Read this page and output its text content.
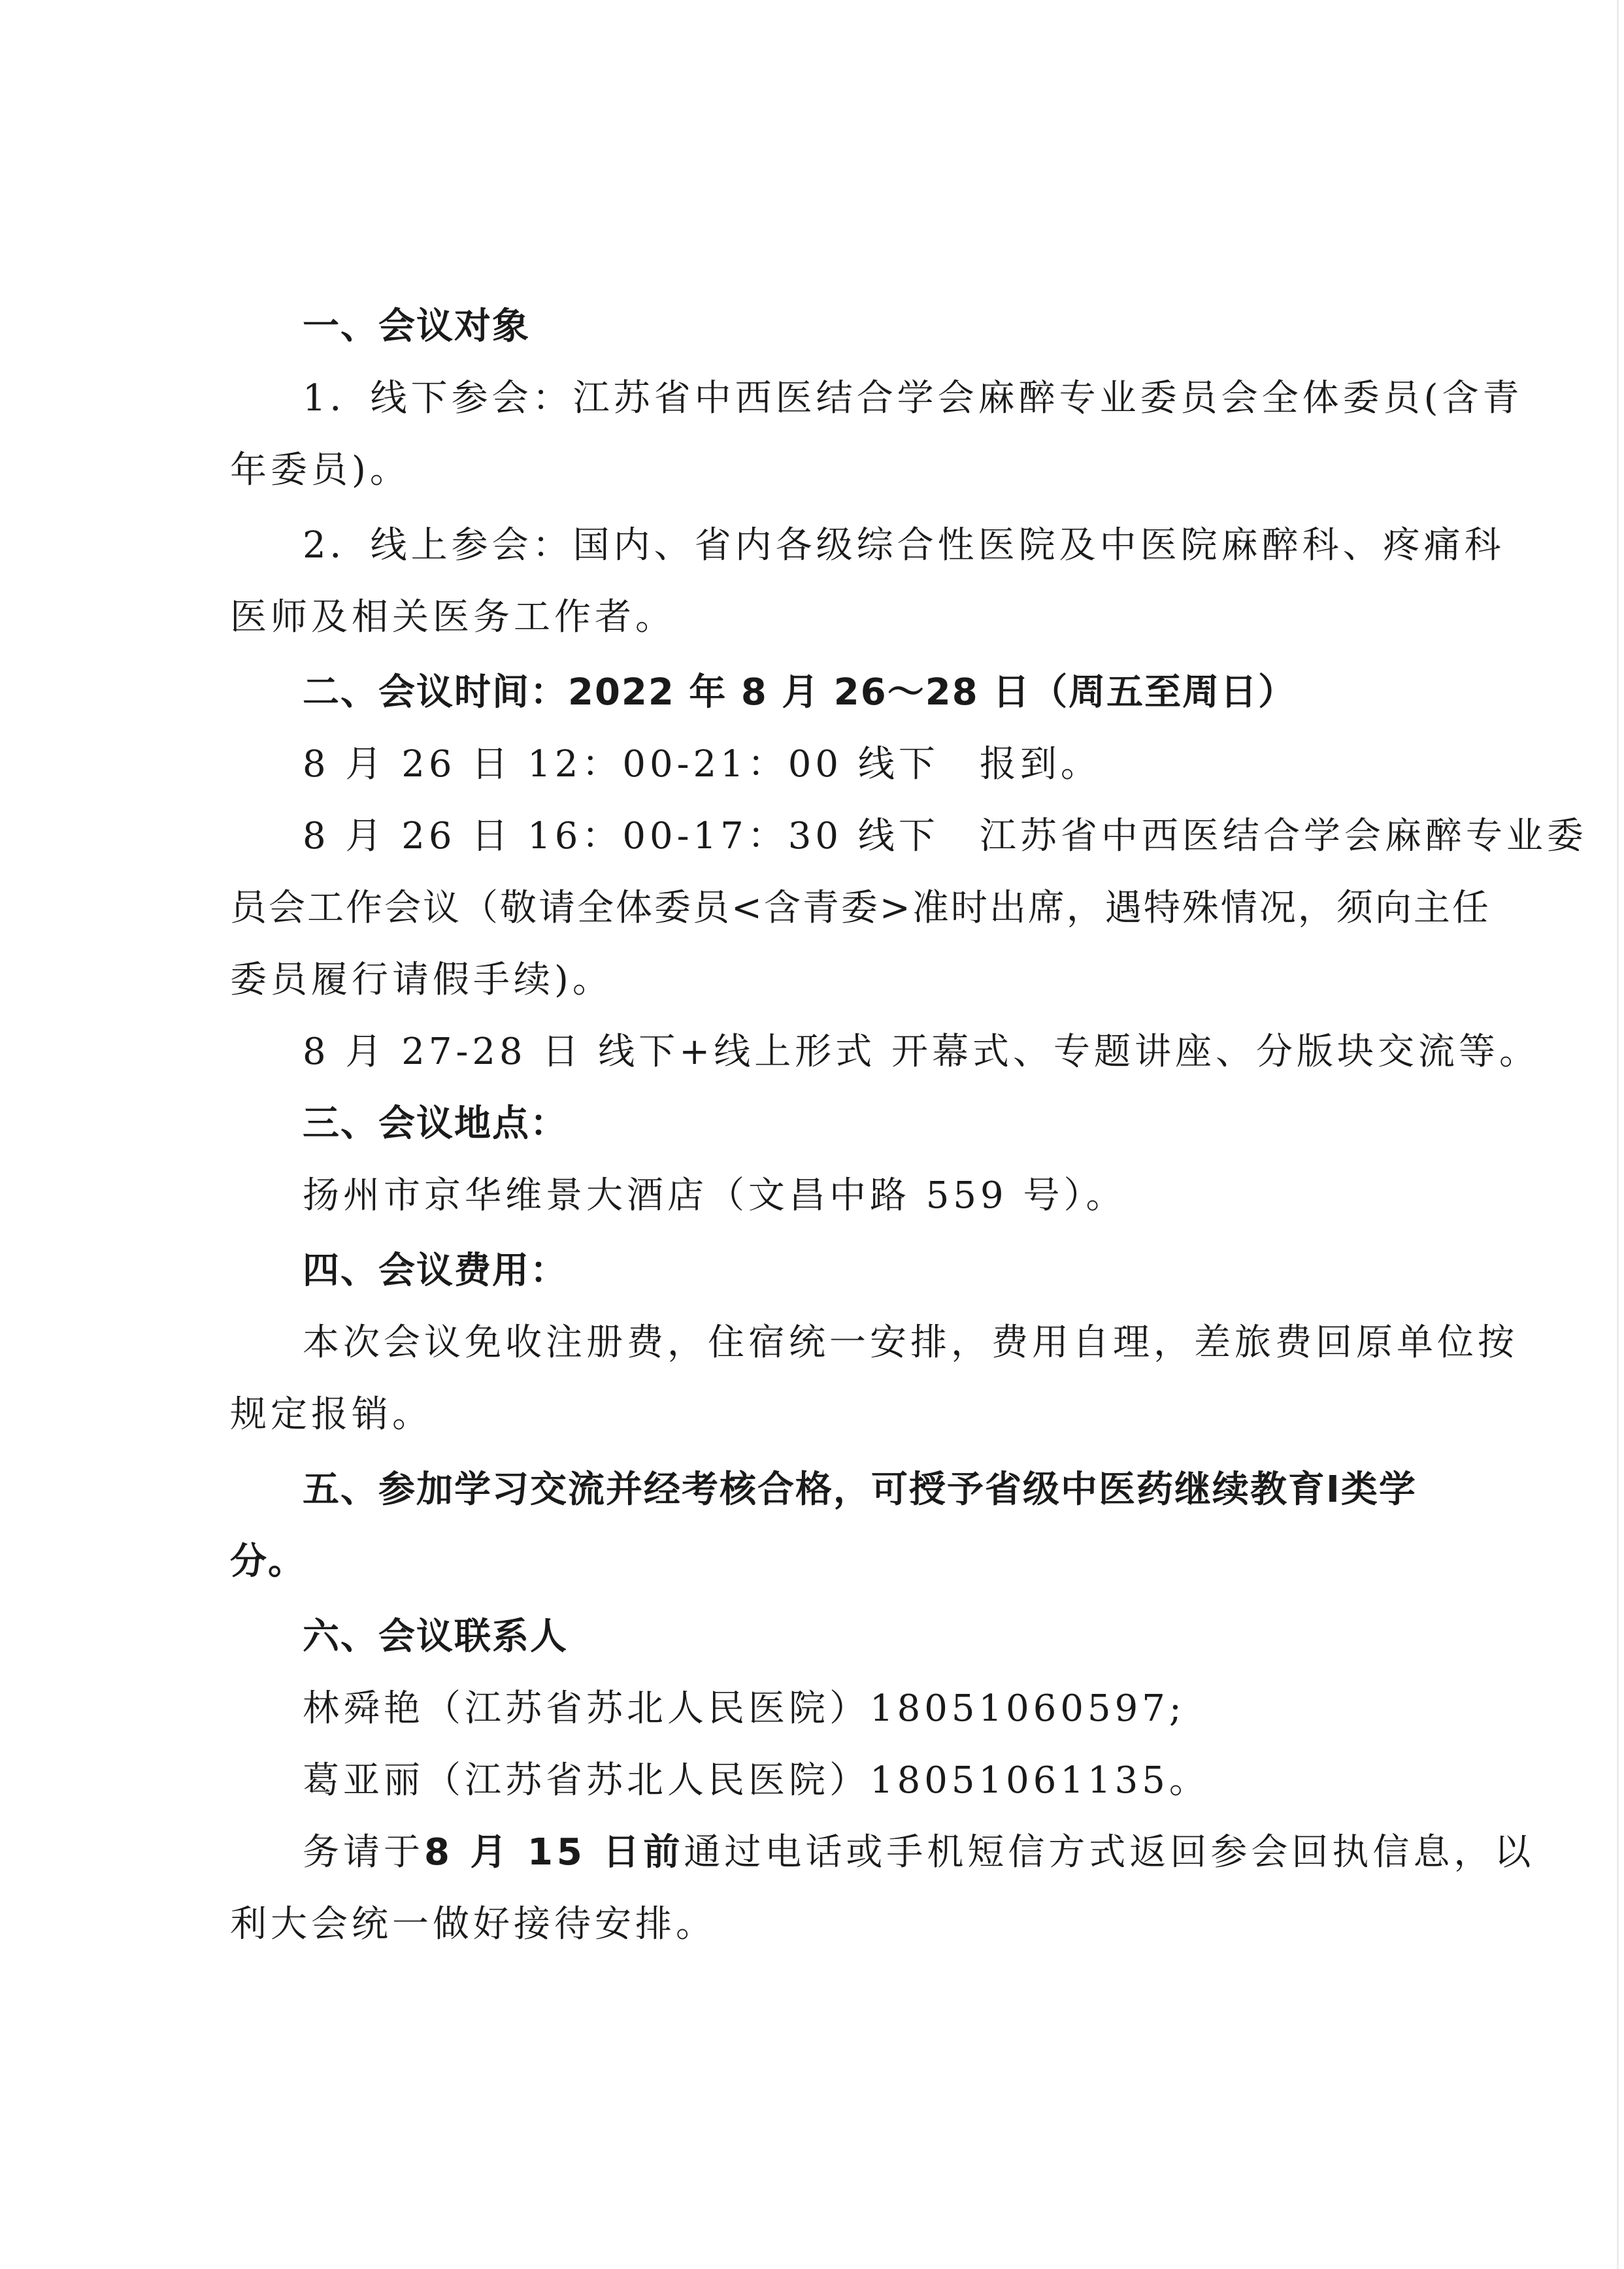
一、会议对象
1．线下参会：江苏省中西医结合学会麻醉专业委员会全体委员(含青
年委员)。
2．线上参会：国内、省内各级综合性医院及中医院麻醉科、疼痛科
医师及相关医务工作者。
二、会议时间：2022 年 8 月 26～28 日（周五至周日）
8 月 26 日 12：00-21：00 线下　报到。
8 月 26 日 16：00-17：30 线下　江苏省中西医结合学会麻醉专业委
员会工作会议（敬请全体委员<含青委>准时出席，遇特殊情况，须向主任
委员履行请假手续)。
8 月 27-28 日 线下+线上形式 开幕式、专题讲座、分版块交流等。
三、会议地点：
扬州市京华维景大酒店（文昌中路 559 号）。
四、会议费用：
本次会议免收注册费，住宿统一安排，费用自理，差旅费回原单位按
规定报销。
五、参加学习交流并经考核合格，可授予省级中医药继续教育Ⅰ类学
分。
六、会议联系人
林舜艳（江苏省苏北人民医院）18051060597;
葛亚丽（江苏省苏北人民医院）18051061135。
务请于8 月 15 日前通过电话或手机短信方式返回参会回执信息，以
利大会统一做好接待安排。
